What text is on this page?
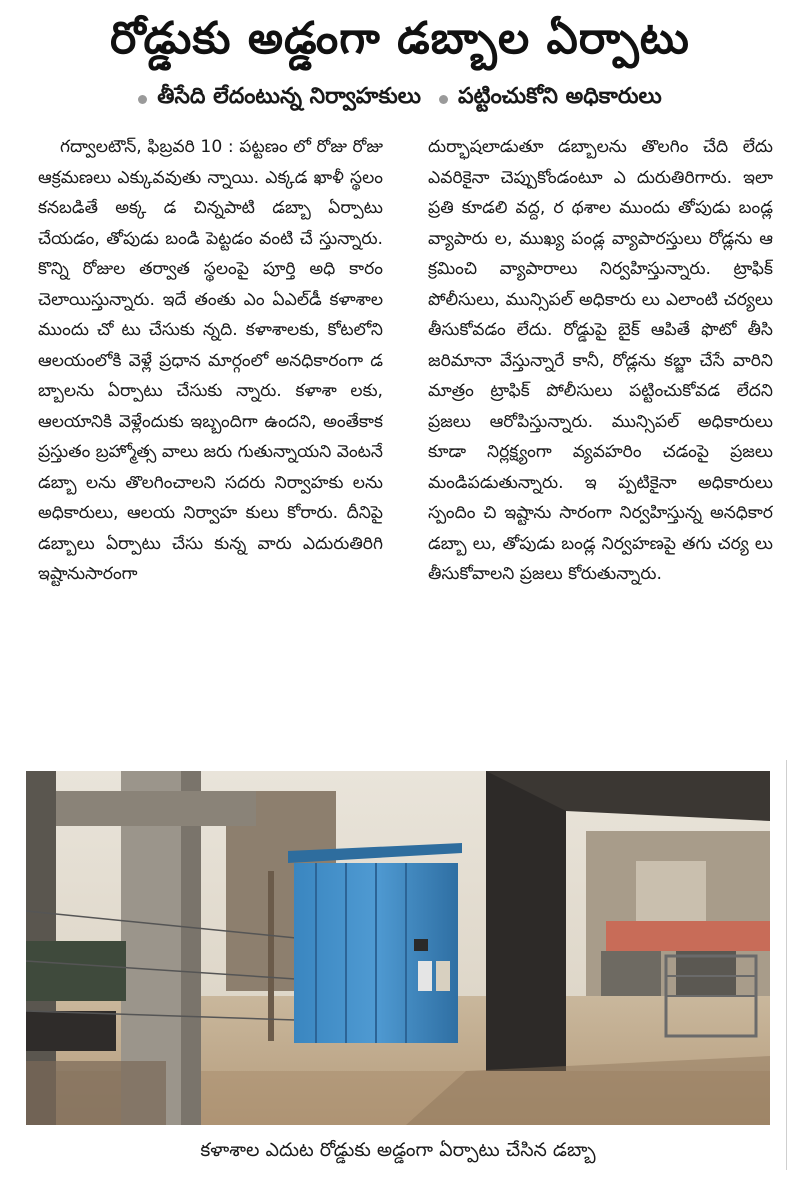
రోడ్డుకు అడ్డంగా డబ్బాల ఏర్పాటు
తీసేది లేదంటున్న నిర్వాహకులు పట్టించుకోని అధికారులు

గద్వాలటౌన్, ఫిబ్రవరి 10 : పట్టణం లో రోజు రోజు ఆక్రమణలు ఎక్కువవుతు న్నాయి. ఎక్కడ ఖాళీ స్థలం కనబడితే అక్క డ చిన్నపాటి డబ్బా ఏర్పాటు చేయడం, తోపుడు బండి పెట్టడం వంటి చే స్తున్నారు. కొన్ని రోజుల తర్వాత స్థలంపై పూర్తి అధి కారం చెలాయిస్తున్నారు. ఇదే తంతు ఎం ఏఎల్‌డీ కళాశాల ముందు చో టు చేసుకు న్నది. కళాశాలకు, కోటలోని ఆలయంలోకి వెళ్లే ప్రధాన మార్గంలో అనధికారంగా డ బ్బాలను ఏర్పాటు చేసుకు న్నారు. కళాశా లకు, ఆలయానికి వెళ్లేందుకు ఇబ్బందిగా ఉందని, అంతేకాక ప్రస్తుతం బ్రహ్మోత్స వాలు జరు గుతున్నాయని వెంటనే డబ్బా లను తొలగించాలని సదరు నిర్వాహకు లను అధికారులు, ఆలయ నిర్వాహ కులు కోరారు. దీనిపై డబ్బాలు ఏర్పాటు చేసు కున్న వారు ఎదురుతిరిగి ఇష్టానుసారంగా

దుర్భాషలాడుతూ డబ్బాలను తొలగిం చేది లేదు ఎవరికైనా చెప్పుకోండంటూ ఎ దురుతిరిగారు. ఇలా ప్రతి కూడలి వద్ద, ర థశాల ముందు తోపుడు బండ్ల వ్యాపారు ల, ముఖ్య పండ్ల వ్యాపారస్తులు రోడ్లను ఆ క్రమించి వ్యాపారాలు నిర్వహిస్తున్నారు. ట్రాఫిక్ పోలీసులు, మున్సిపల్ అధికారు లు ఎలాంటి చర్యలు తీసుకోవడం లేదు. రోడ్డుపై బైక్ ఆపితే ఫొటో తీసి జరిమానా వేస్తున్నారే కానీ, రోడ్లను కబ్జా చేసే వారిని మాత్రం ట్రాఫిక్ పోలీసులు పట్టించుకోవడ లేదని ప్రజలు ఆరోపిస్తున్నారు. మున్సిపల్ అధికారులు కూడా నిర్లక్ష్యంగా వ్యవహరిం చడంపై ప్రజలు మండిపడుతున్నారు. ఇ ప్పటికైనా అధికారులు స్పందిం చి ఇష్టాను సారంగా నిర్వహిస్తున్న అనధికార డబ్బా లు, తోపుడు బండ్ల నిర్వహణపై తగు చర్య లు తీసుకోవాలని ప్రజలు కోరుతున్నారు.

కళాశాల ఎదుట రోడ్డుకు అడ్డంగా ఏర్పాటు చేసిన డబ్బా
